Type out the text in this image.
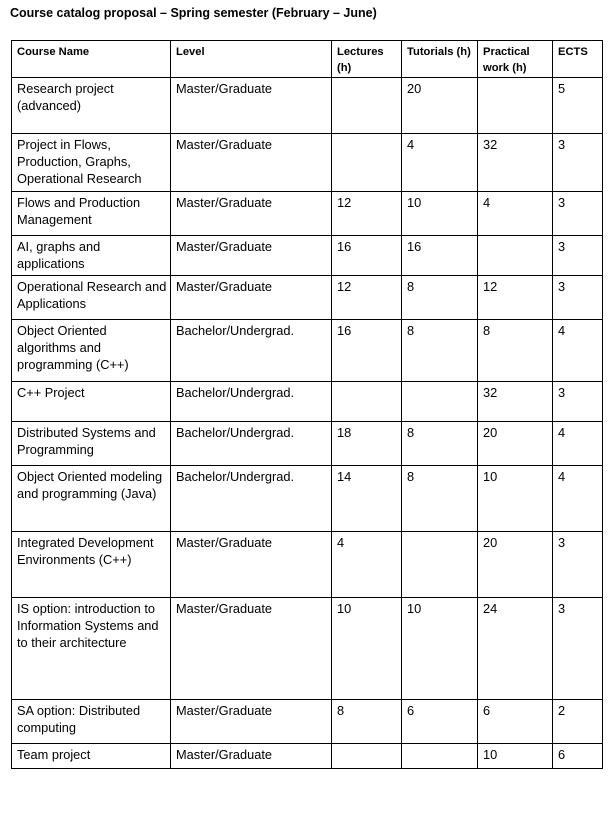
Course catalog proposal – Spring semester (February – June)
Course Name	Level	Lectures (h)	Tutorials (h)	Practical work (h)	ECTS
Research project (advanced)	Master/Graduate		20		5
Project in Flows, Production, Graphs, Operational Research	Master/Graduate		4	32	3
Flows and Production Management	Master/Graduate	12	10	4	3
AI, graphs and applications	Master/Graduate	16	16		3
Operational Research and Applications	Master/Graduate	12	8	12	3
Object Oriented algorithms and programming (C++)	Bachelor/Undergrad.	16	8	8	4
C++ Project	Bachelor/Undergrad.			32	3
Distributed Systems and Programming	Bachelor/Undergrad.	18	8	20	4
Object Oriented modeling and programming (Java)	Bachelor/Undergrad.	14	8	10	4
Integrated Development Environments (C++)	Master/Graduate	4		20	3
IS option: introduction to Information Systems and to their architecture	Master/Graduate	10	10	24	3
SA option: Distributed computing	Master/Graduate	8	6	6	2
Team project	Master/Graduate			10	6
